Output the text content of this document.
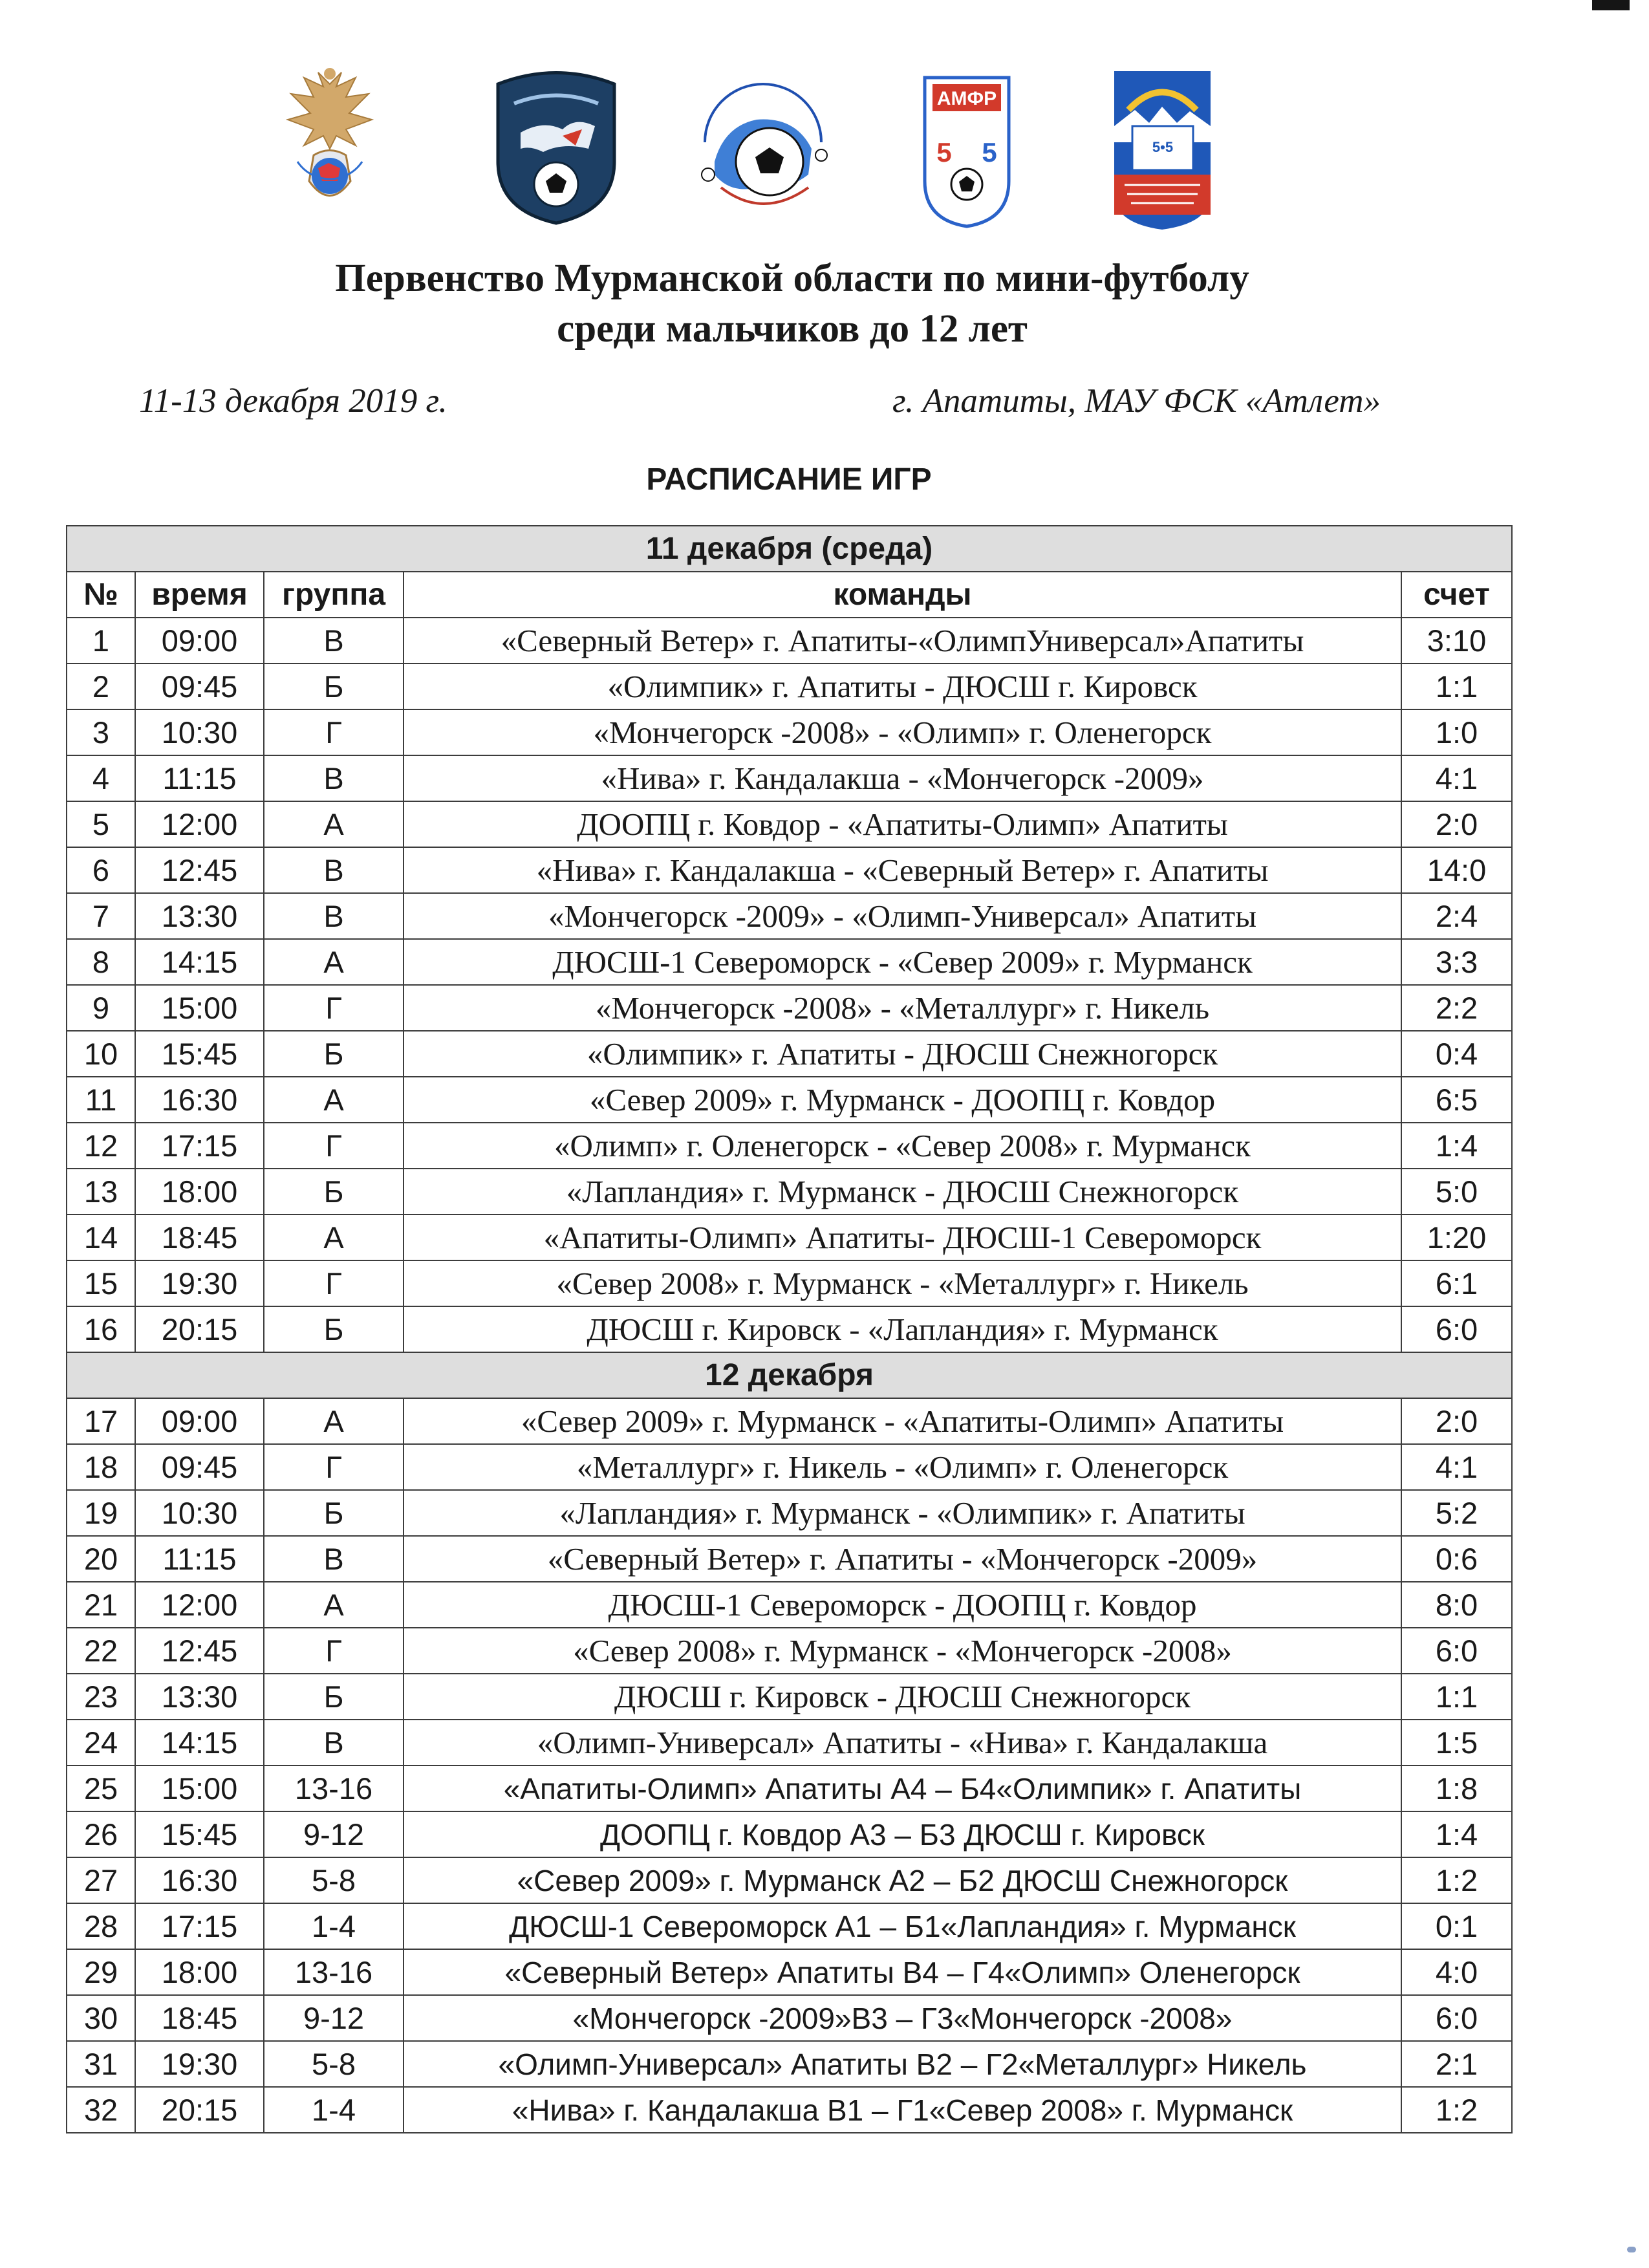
АМФР
5 5	5•5
Первенство Мурманской области по мини-футболу
среди мальчиков до 12 лет
11-13 декабря 2019 г.	г. Апатиты, МАУ ФСК «Атлет»
РАСПИСАНИЕ ИГР
11 декабря (среда)				
№	время	группа	команды	счет
1	09:00	В	«Северный Ветер» г. Апатиты-«ОлимпУниверсал»Апатиты	3:10
2	09:45	Б	«Олимпик» г. Апатиты - ДЮСШ г. Кировск	1:1
3	10:30	Г	«Мончегорск -2008» - «Олимп» г. Оленегорск	1:0
4	11:15	В	«Нива» г. Кандалакша - «Мончегорск -2009»	4:1
5	12:00	А	ДООПЦ г. Ковдор - «Апатиты-Олимп» Апатиты	2:0
6	12:45	В	«Нива» г. Кандалакша - «Северный Ветер» г. Апатиты	14:0
7	13:30	В	«Мончегорск -2009» - «Олимп-Универсал» Апатиты	2:4
8	14:15	А	ДЮСШ-1 Североморск - «Север 2009» г. Мурманск	3:3
9	15:00	Г	«Мончегорск -2008» - «Металлург» г. Никель	2:2
10	15:45	Б	«Олимпик» г. Апатиты - ДЮСШ Снежногорск	0:4
11	16:30	А	«Север 2009» г. Мурманск - ДООПЦ г. Ковдор	6:5
12	17:15	Г	«Олимп» г. Оленегорск - «Север 2008» г. Мурманск	1:4
13	18:00	Б	«Лапландия» г. Мурманск - ДЮСШ Снежногорск	5:0
14	18:45	А	«Апатиты-Олимп» Апатиты- ДЮСШ-1 Североморск	1:20
15	19:30	Г	«Север 2008» г. Мурманск - «Металлург» г. Никель	6:1
16	20:15	Б	ДЮСШ г. Кировск - «Лапландия» г. Мурманск	6:0
12 декабря				
17	09:00	А	«Север 2009» г. Мурманск - «Апатиты-Олимп» Апатиты	2:0
18	09:45	Г	«Металлург» г. Никель - «Олимп» г. Оленегорск	4:1
19	10:30	Б	«Лапландия» г. Мурманск - «Олимпик» г. Апатиты	5:2
20	11:15	В	«Северный Ветер» г. Апатиты - «Мончегорск -2009»	0:6
21	12:00	А	ДЮСШ-1 Североморск - ДООПЦ г. Ковдор	8:0
22	12:45	Г	«Север 2008» г. Мурманск - «Мончегорск -2008»	6:0
23	13:30	Б	ДЮСШ г. Кировск - ДЮСШ Снежногорск	1:1
24	14:15	В	«Олимп-Универсал» Апатиты - «Нива» г. Кандалакша	1:5
25	15:00	13-16	«Апатиты-Олимп» Апатиты А4 – Б4«Олимпик» г. Апатиты	1:8
26	15:45	9-12	ДООПЦ г. Ковдор А3 – Б3 ДЮСШ г. Кировск	1:4
27	16:30	5-8	«Север 2009» г. Мурманск А2 – Б2 ДЮСШ Снежногорск	1:2
28	17:15	1-4	ДЮСШ-1 Североморск А1 – Б1«Лапландия» г. Мурманск	0:1
29	18:00	13-16	«Северный Ветер» Апатиты В4 – Г4«Олимп» Оленегорск	4:0
30	18:45	9-12	«Мончегорск -2009»В3 – Г3«Мончегорск -2008»	6:0
31	19:30	5-8	«Олимп-Универсал» Апатиты В2 – Г2«Металлург» Никель	2:1
32	20:15	1-4	«Нива» г. Кандалакша В1 – Г1«Север 2008» г. Мурманск	1:2
